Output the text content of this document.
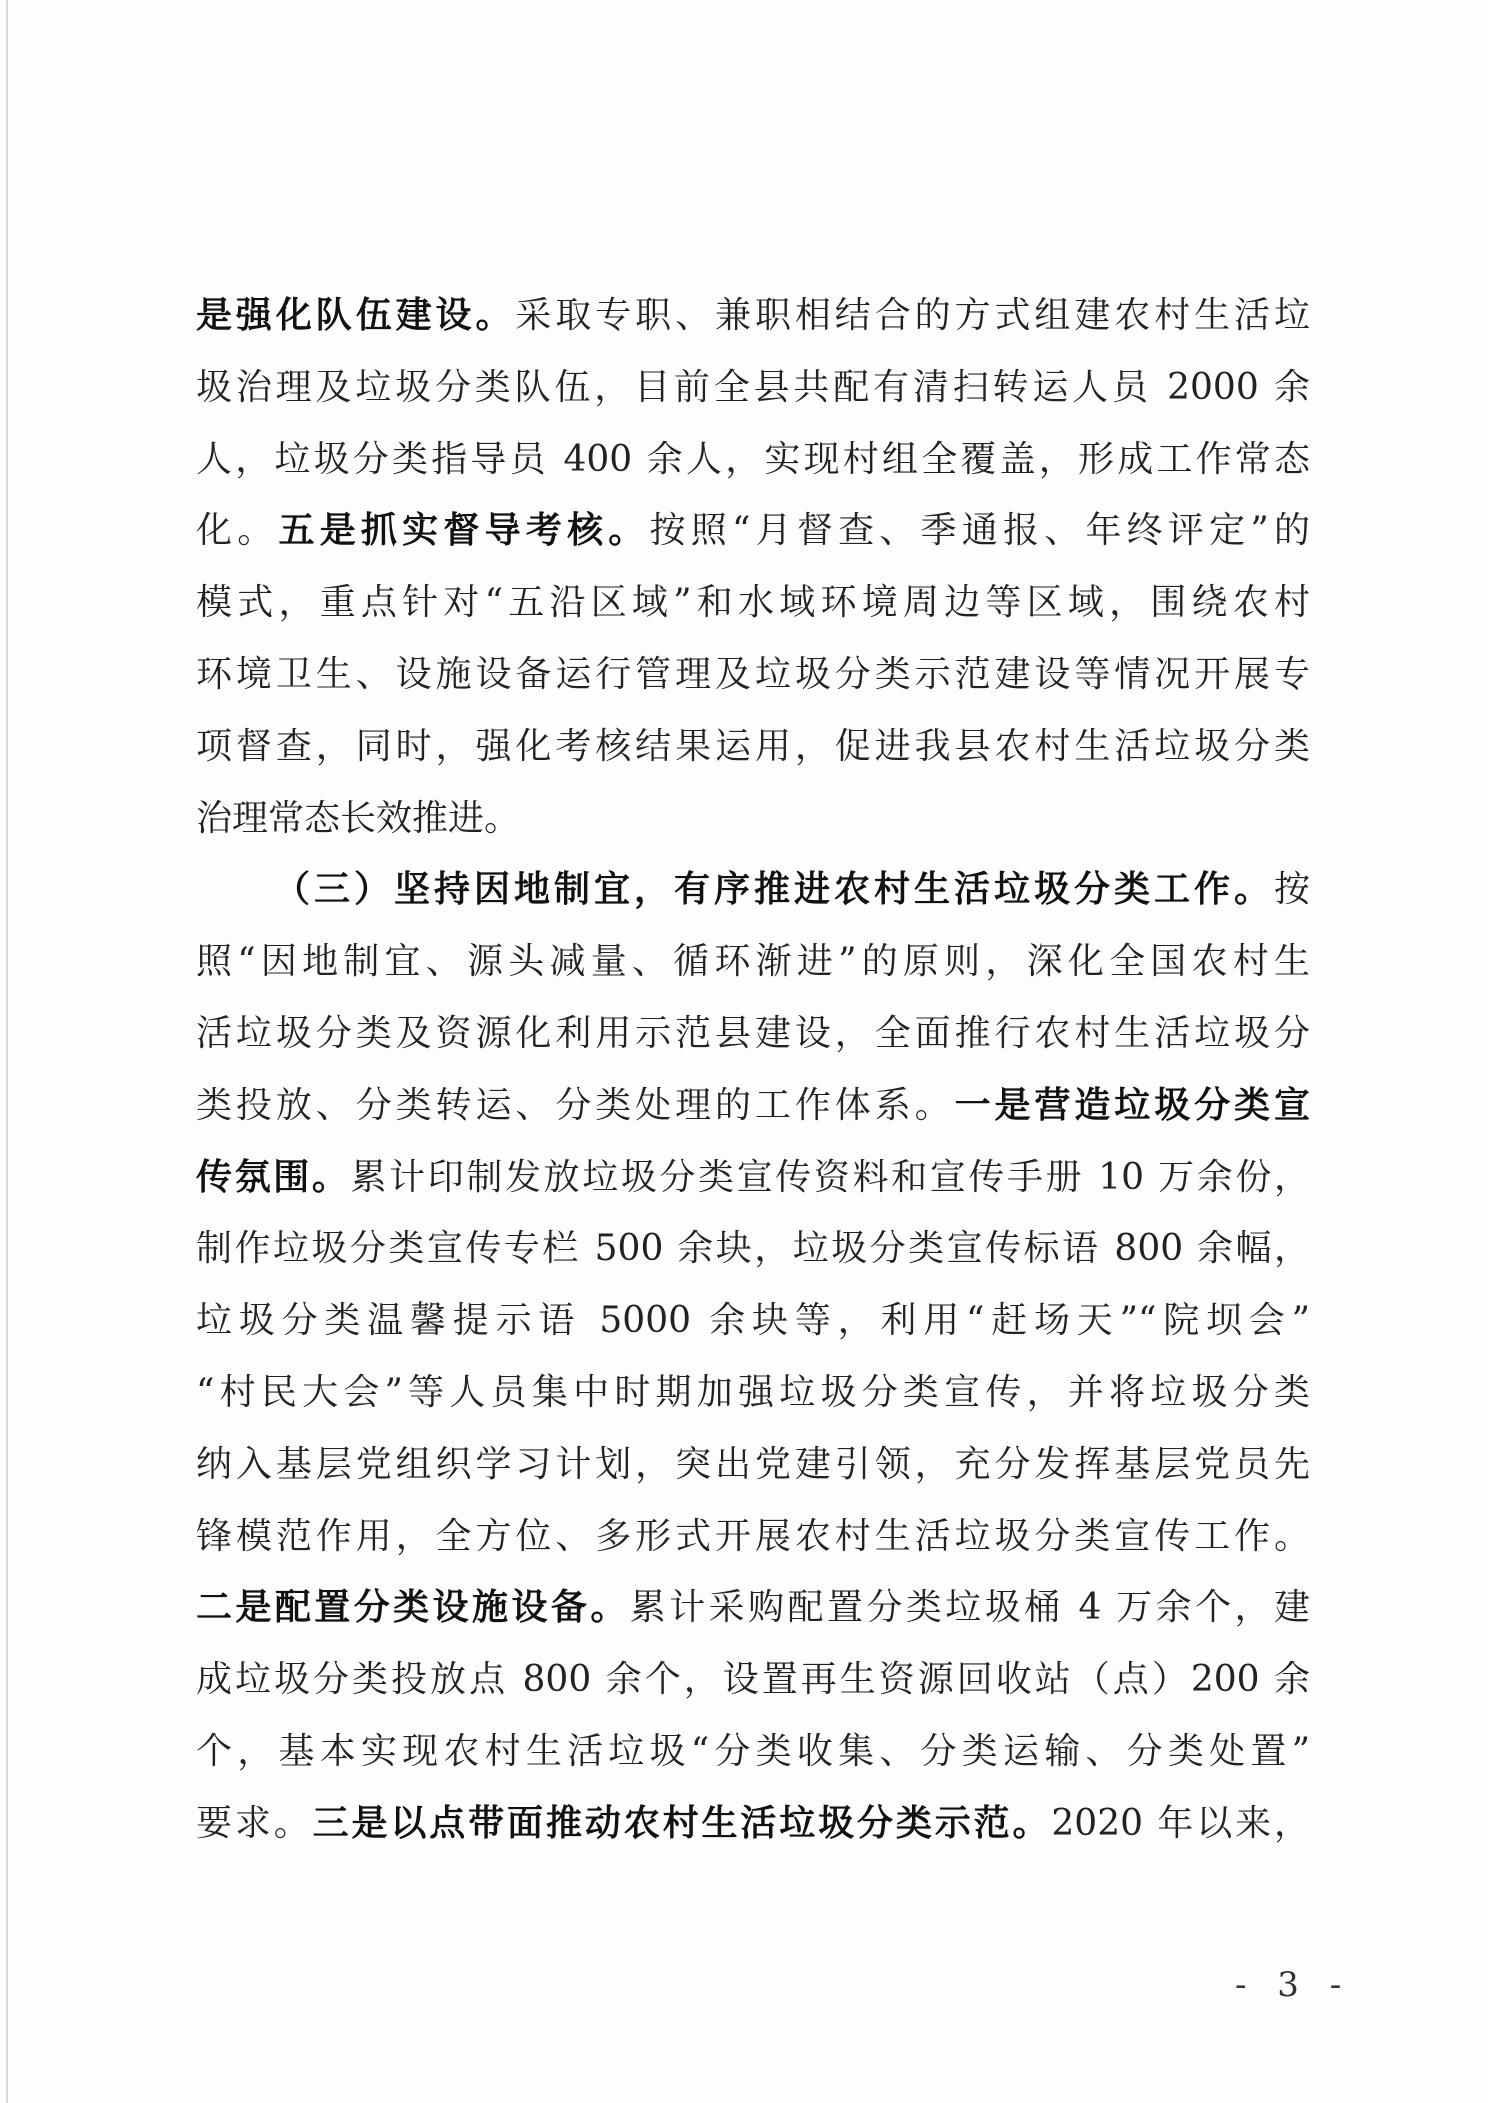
是强化队伍建设。采取专职、兼职相结合的方式组建农村生活垃
圾治理及垃圾分类队伍，目前全县共配有清扫转运人员 2000 余
人，垃圾分类指导员 400 余人，实现村组全覆盖，形成工作常态
化。五是抓实督导考核。按照“月督查、季通报、年终评定”的
模式，重点针对“五沿区域”和水域环境周边等区域，围绕农村
环境卫生、设施设备运行管理及垃圾分类示范建设等情况开展专
项督查，同时，强化考核结果运用，促进我县农村生活垃圾分类
治理常态长效推进。
（三）坚持因地制宜，有序推进农村生活垃圾分类工作。按
照“因地制宜、源头减量、循环渐进”的原则，深化全国农村生
活垃圾分类及资源化利用示范县建设，全面推行农村生活垃圾分
类投放、分类转运、分类处理的工作体系。一是营造垃圾分类宣
传氛围。累计印制发放垃圾分类宣传资料和宣传手册 10 万余份，
制作垃圾分类宣传专栏 500 余块，垃圾分类宣传标语 800 余幅，
垃圾分类温馨提示语 5000 余块等，利用“赶场天”“院坝会”
“村民大会”等人员集中时期加强垃圾分类宣传，并将垃圾分类
纳入基层党组织学习计划，突出党建引领，充分发挥基层党员先
锋模范作用，全方位、多形式开展农村生活垃圾分类宣传工作。
二是配置分类设施设备。累计采购配置分类垃圾桶 4 万余个，建
成垃圾分类投放点 800 余个，设置再生资源回收站（点）200 余
个，基本实现农村生活垃圾“分类收集、分类运输、分类处置”
要求。三是以点带面推动农村生活垃圾分类示范。2020 年以来，
- 3 -
